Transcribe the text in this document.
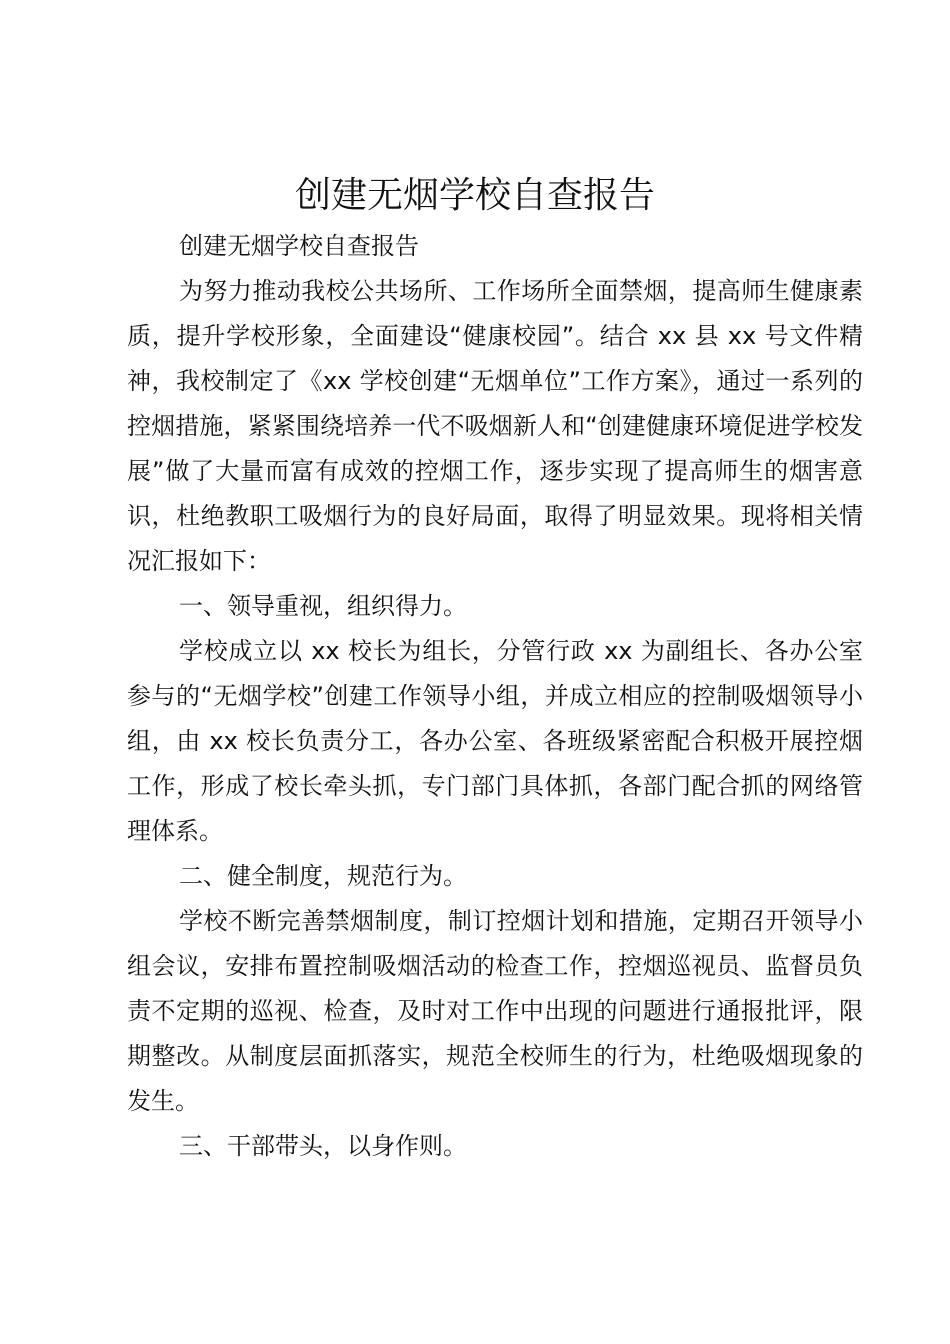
创建无烟学校自查报告

创建无烟学校自查报告

为努力推动我校公共场所、工作场所全面禁烟，提高师生健康素质，提升学校形象，全面建设“健康校园”。结合 xx 县 xx 号文件精神，我校制定了《xx 学校创建“无烟单位”工作方案》，通过一系列的控烟措施，紧紧围绕培养一代不吸烟新人和“创建健康环境促进学校发展”做了大量而富有成效的控烟工作，逐步实现了提高师生的烟害意识，杜绝教职工吸烟行为的良好局面，取得了明显效果。现将相关情况汇报如下：

一、领导重视，组织得力。

学校成立以 xx 校长为组长，分管行政 xx 为副组长、各办公室参与的“无烟学校”创建工作领导小组，并成立相应的控制吸烟领导小组，由 xx 校长负责分工，各办公室、各班级紧密配合积极开展控烟工作，形成了校长牵头抓，专门部门具体抓，各部门配合抓的网络管理体系。

二、健全制度，规范行为。

学校不断完善禁烟制度，制订控烟计划和措施，定期召开领导小组会议，安排布置控制吸烟活动的检查工作，控烟巡视员、监督员负责不定期的巡视、检查，及时对工作中出现的问题进行通报批评，限期整改。从制度层面抓落实，规范全校师生的行为，杜绝吸烟现象的发生。

三、干部带头，以身作则。
